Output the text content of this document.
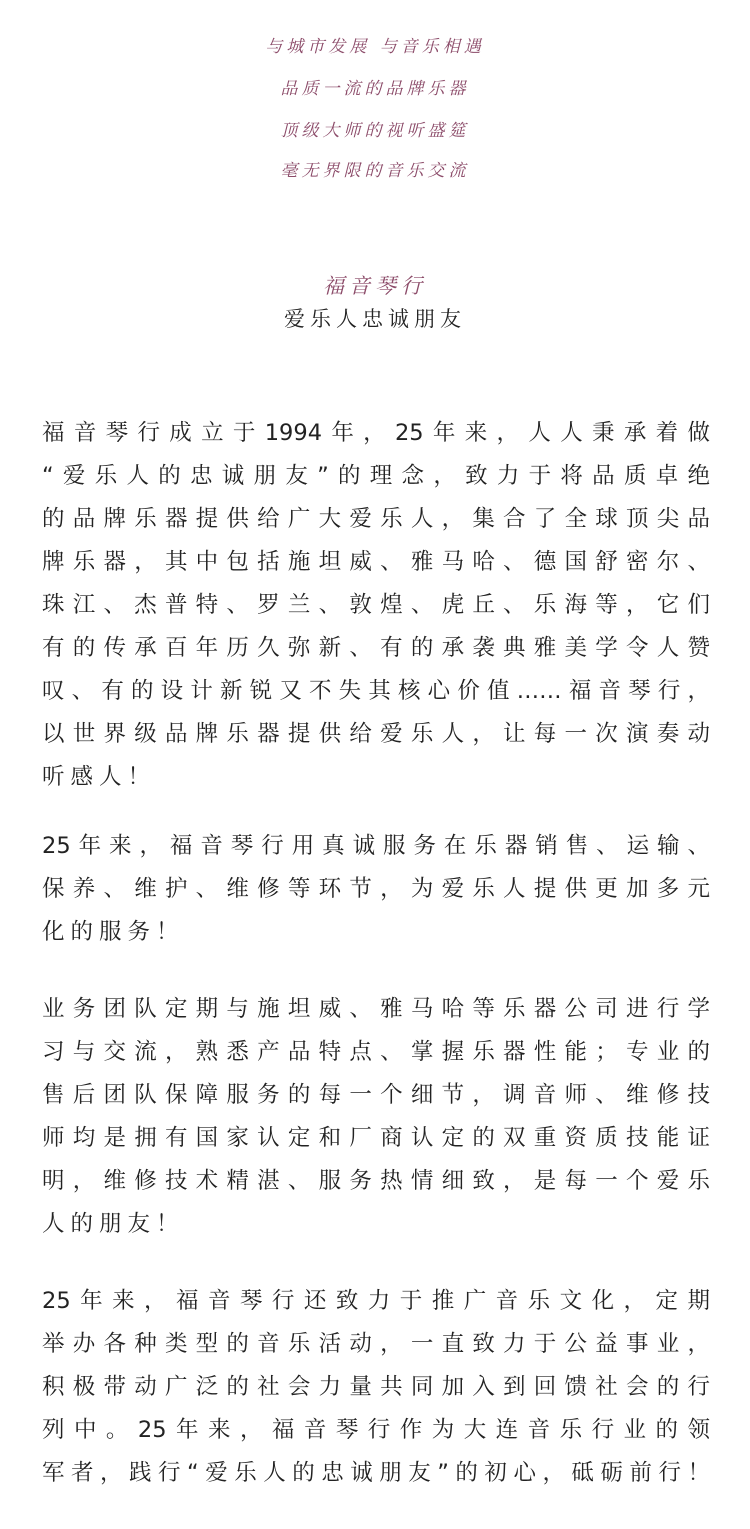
与城市发展 与音乐相遇
品质一流的品牌乐器
顶级大师的视听盛筵
毫无界限的音乐交流
福音琴行
爱乐人忠诚朋友
福音琴行成立于1994年，25年来，人人秉承着做
“爱乐人的忠诚朋友”的理念，致力于将品质卓绝
的品牌乐器提供给广大爱乐人，集合了全球顶尖品
牌乐器，其中包括施坦威、雅马哈、德国舒密尔、
珠江、杰普特、罗兰、敦煌、虎丘、乐海等，它们
有的传承百年历久弥新、有的承袭典雅美学令人赞
叹、有的设计新锐又不失其核心价值……福音琴行，
以世界级品牌乐器提供给爱乐人，让每一次演奏动
听感人！
25年来，福音琴行用真诚服务在乐器销售、运输、
保养、维护、维修等环节，为爱乐人提供更加多元
化的服务！
业务团队定期与施坦威、雅马哈等乐器公司进行学
习与交流，熟悉产品特点、掌握乐器性能；专业的
售后团队保障服务的每一个细节，调音师、维修技
师均是拥有国家认定和厂商认定的双重资质技能证
明，维修技术精湛、服务热情细致，是每一个爱乐
人的朋友！
25年来，福音琴行还致力于推广音乐文化，定期
举办各种类型的音乐活动，一直致力于公益事业，
积极带动广泛的社会力量共同加入到回馈社会的行
列中。25年来，福音琴行作为大连音乐行业的领
军者，践行“爱乐人的忠诚朋友”的初心，砥砺前行！
